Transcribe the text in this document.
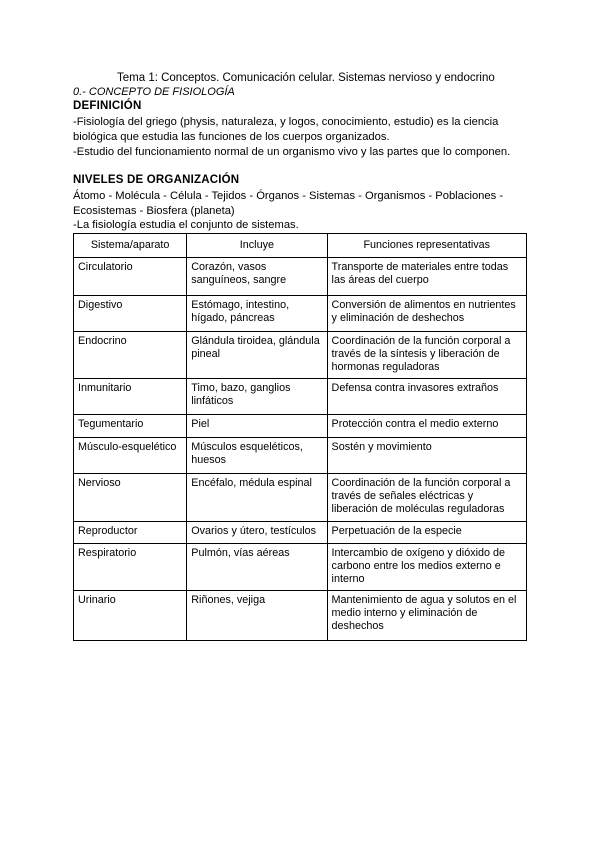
Tema 1: Conceptos. Comunicación celular. Sistemas nervioso y endocrino
0.- CONCEPTO DE FISIOLOGÍA
DEFINICIÓN
-Fisiología del griego (physis, naturaleza, y logos, conocimiento, estudio) es la ciencia
biológica que estudia las funciones de los cuerpos organizados.
-Estudio del funcionamiento normal de un organismo vivo y las partes que lo componen.
NIVELES DE ORGANIZACIÓN
Átomo - Molécula - Célula - Tejidos - Órganos - Sistemas - Organismos - Poblaciones -
Ecosistemas - Biosfera (planeta)
-La fisiología estudia el conjunto de sistemas.
Sistema/aparato	Incluye	Funciones representativas
Circulatorio	Corazón, vasos sanguíneos, sangre	Transporte de materiales entre todas las áreas del cuerpo
Digestivo	Estómago, intestino, hígado, páncreas	Conversión de alimentos en nutrientes y eliminación de deshechos
Endocrino	Glándula tiroidea, glándula pineal	Coordinación de la función corporal a través de la síntesis y liberación de hormonas reguladoras
Inmunitario	Timo, bazo, ganglios linfáticos	Defensa contra invasores extraños
Tegumentario	Piel	Protección contra el medio externo
Músculo-esquelético	Músculos esqueléticos, huesos	Sostén y movimiento
Nervioso	Encéfalo, médula espinal	Coordinación de la función corporal a través de señales eléctricas y liberación de moléculas reguladoras
Reproductor	Ovarios y útero, testículos	Perpetuación de la especie
Respiratorio	Pulmón, vías aéreas	Intercambio de oxígeno y dióxido de carbono entre los medios externo e interno
Urinario	Riñones, vejiga	Mantenimiento de agua y solutos en el medio interno y eliminación de deshechos
